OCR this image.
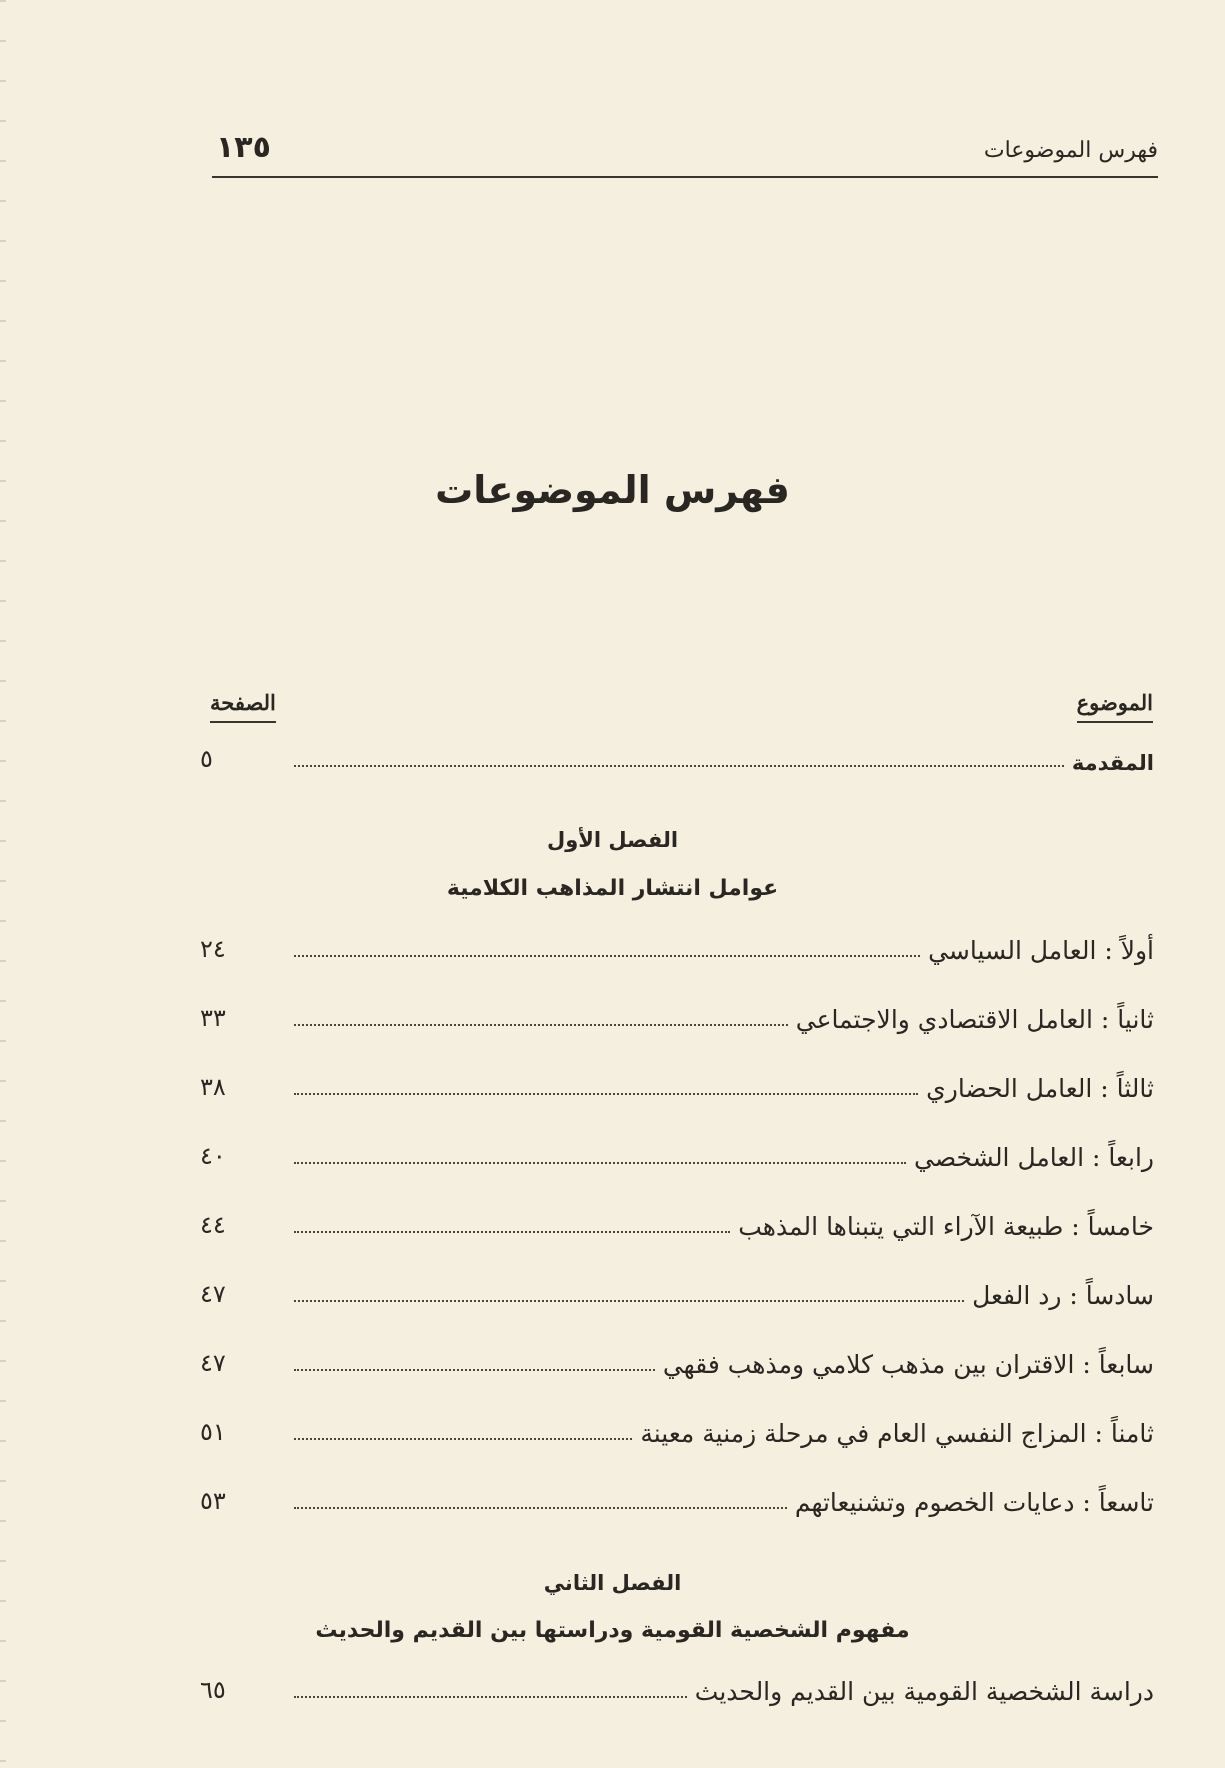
١٣٥	فهرس الموضوعات
فهرس الموضوعات
الموضوع
الصفحة
المقدمة
٥
الفصل الأول
عوامل انتشار المذاهب الكلامية
أولاً : العامل السياسي
٢٤
ثانياً : العامل الاقتصادي والاجتماعي
٣٣
ثالثاً : العامل الحضاري
٣٨
رابعاً : العامل الشخصي
٤٠
خامساً : طبيعة الآراء التي يتبناها المذهب
٤٤
سادساً : رد الفعل
٤٧
سابعاً : الاقتران بين مذهب كلامي ومذهب فقهي
٤٧
ثامناً : المزاج النفسي العام في مرحلة زمنية معينة
٥١
تاسعاً : دعايات الخصوم وتشنيعاتهم
٥٣
الفصل الثاني
مفهوم الشخصية القومية ودراستها بين القديم والحديث
دراسة الشخصية القومية بين القديم والحديث
٦٥
